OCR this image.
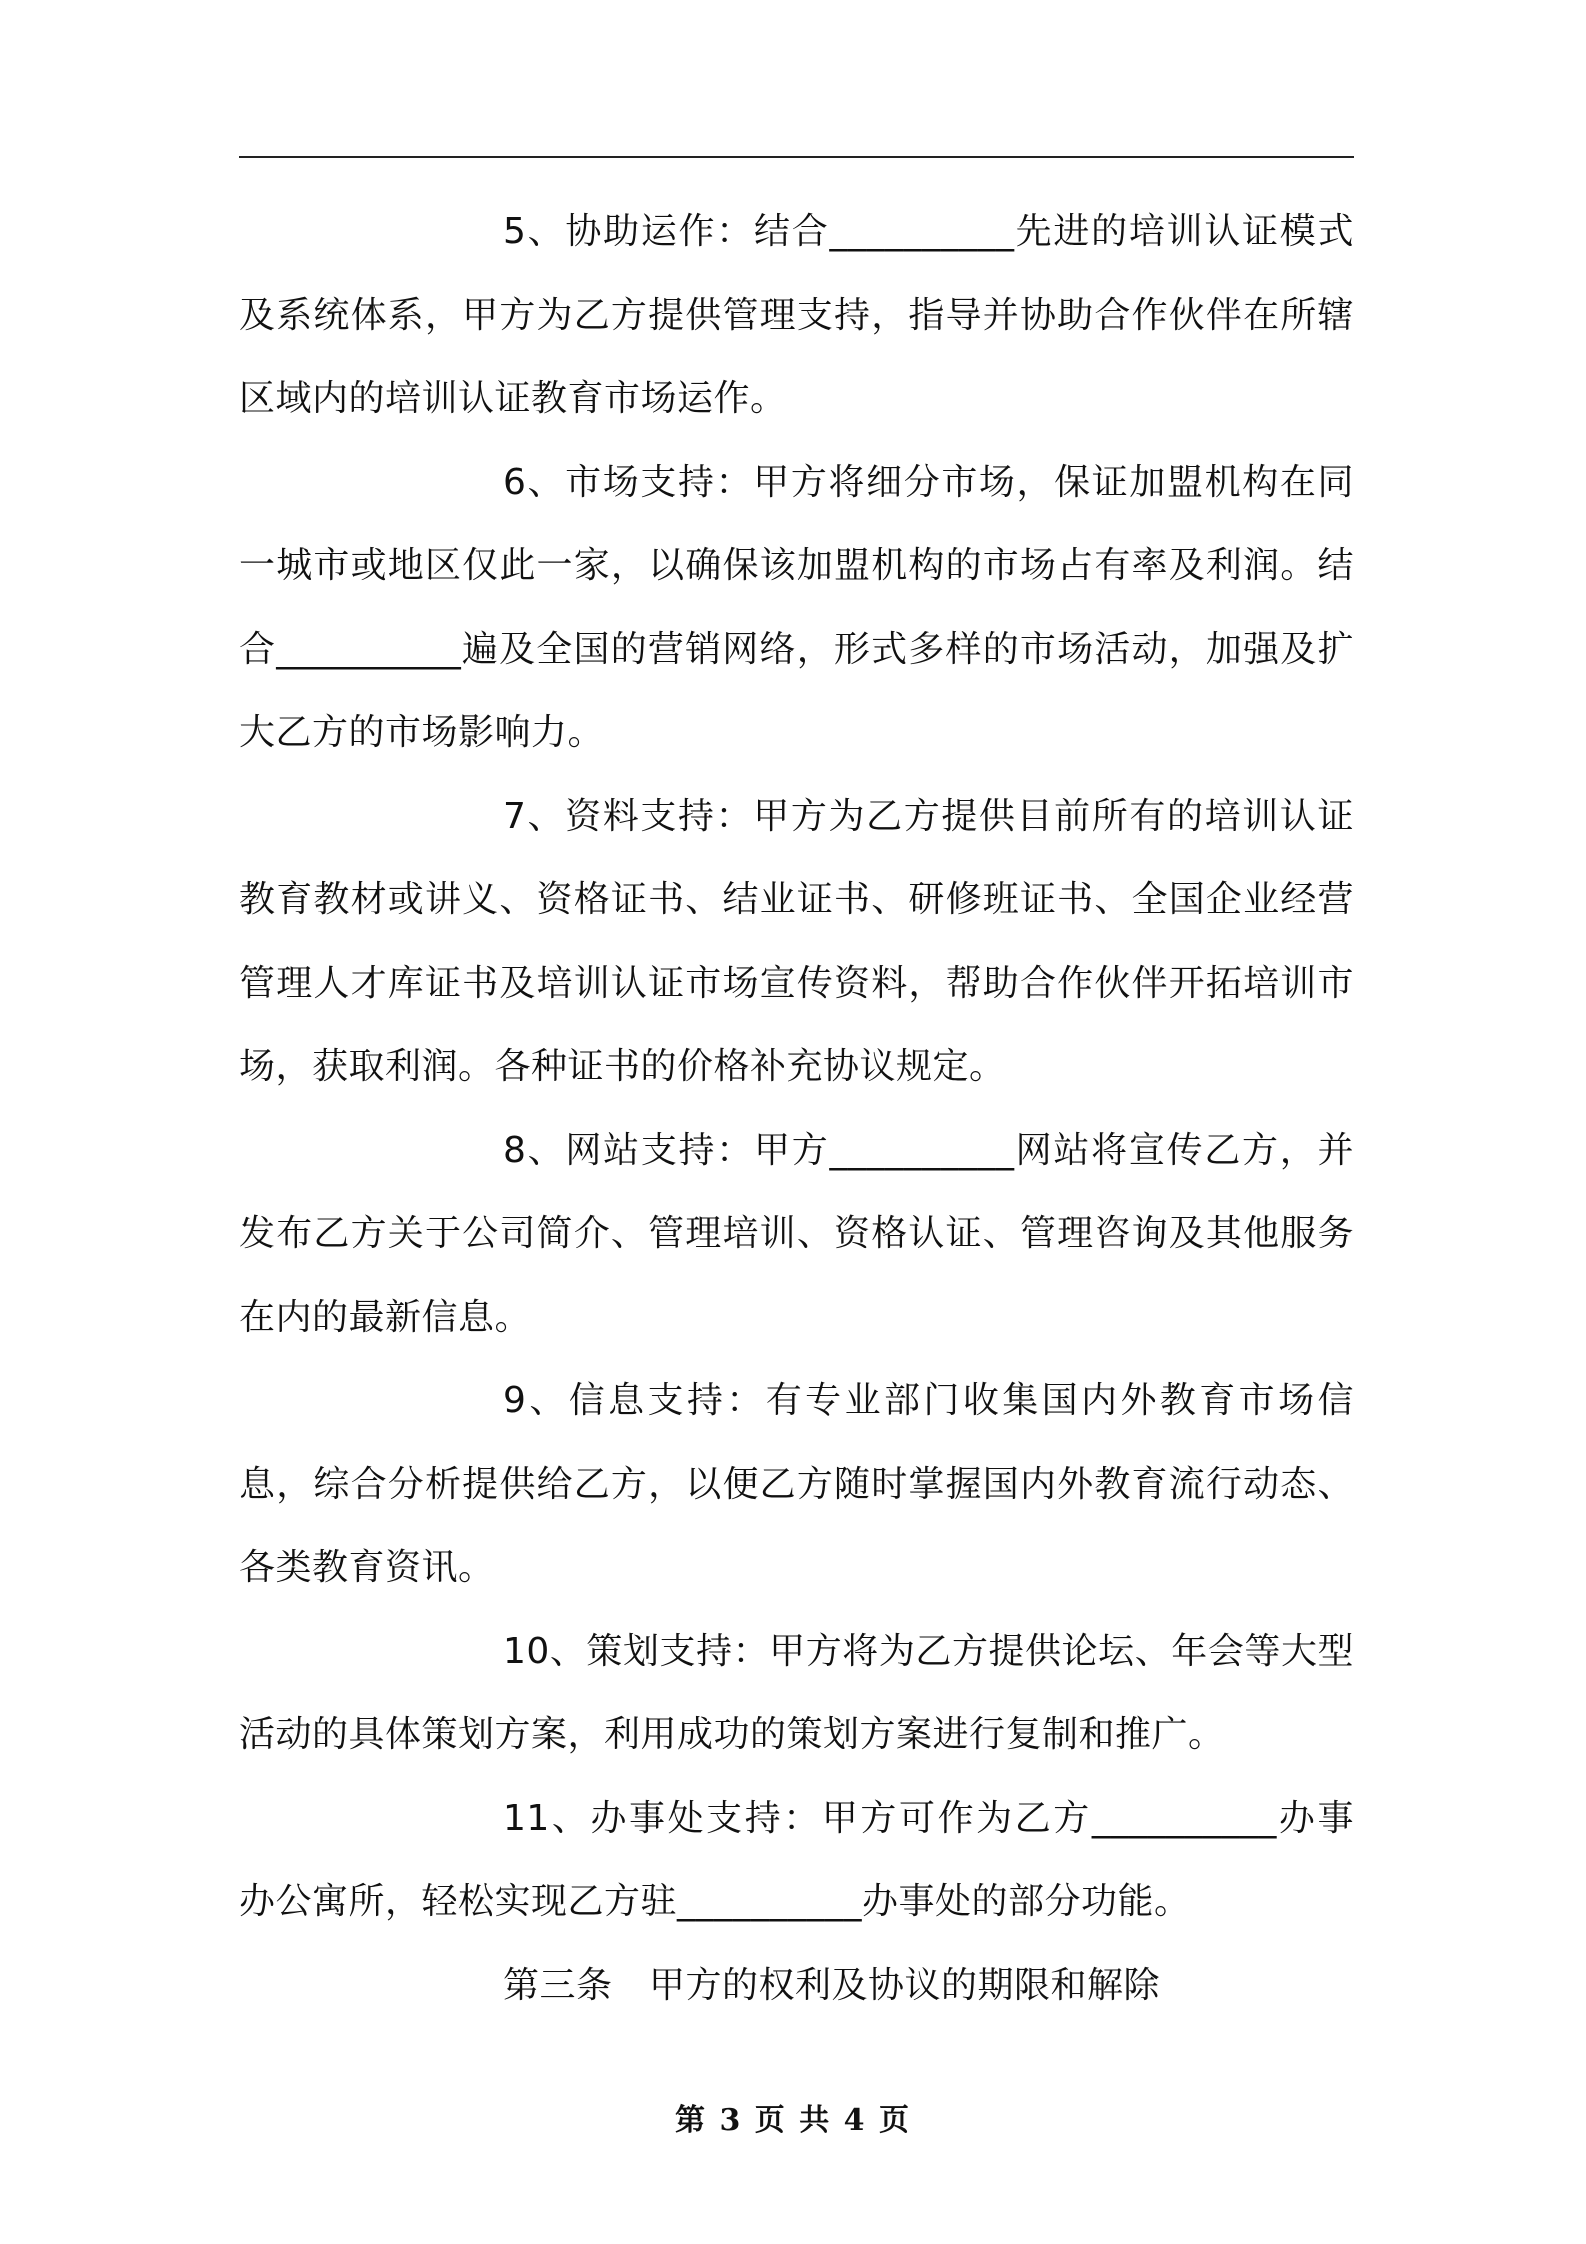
5、协助运作：结合__________先进的培训认证模式及系统体系，甲方为乙方提供管理支持，指导并协助合作伙伴在所辖区域内的培训认证教育市场运作。

6、市场支持：甲方将细分市场，保证加盟机构在同一城市或地区仅此一家，以确保该加盟机构的市场占有率及利润。结合__________遍及全国的营销网络，形式多样的市场活动，加强及扩大乙方的市场影响力。

7、资料支持：甲方为乙方提供目前所有的培训认证教育教材或讲义、资格证书、结业证书、研修班证书、全国企业经营管理人才库证书及培训认证市场宣传资料，帮助合作伙伴开拓培训市场，获取利润。各种证书的价格补充协议规定。

8、网站支持：甲方__________网站将宣传乙方，并发布乙方关于公司简介、管理培训、资格认证、管理咨询及其他服务在内的最新信息。

9、信息支持：有专业部门收集国内外教育市场信息，综合分析提供给乙方，以便乙方随时掌握国内外教育流行动态、各类教育资讯。

10、策划支持：甲方将为乙方提供论坛、年会等大型活动的具体策划方案，利用成功的策划方案进行复制和推广。

11、办事处支持：甲方可作为乙方__________办事办公寓所，轻松实现乙方驻__________办事处的部分功能。

第三条　甲方的权利及协议的期限和解除

第 3 页 共 4 页
